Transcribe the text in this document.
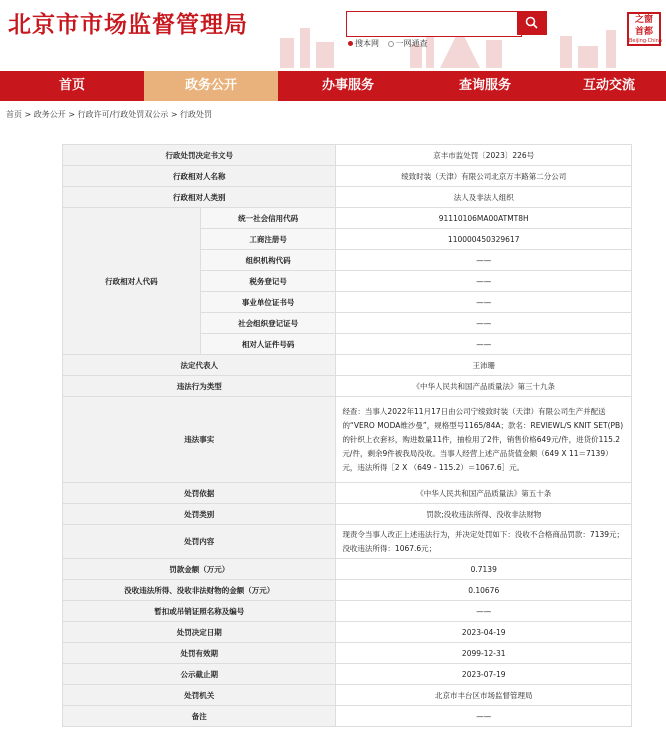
北京市市场监督管理局
搜本网 一网通查
之窗
首都
Beijing·China
首页	政务公开	办事服务	查询服务	互动交流
首页 > 政务公开 > 行政许可/行政处罚双公示 > 行政处罚
行政处罚决定书文号		京丰市监处罚〔2023〕226号
行政相对人名称		绫致时装（天津）有限公司北京万丰路第二分公司
行政相对人类别		法人及非法人组织
行政相对人代码	统一社会信用代码	91110106MA00ATMT8H
	工商注册号	110000450329617
	组织机构代码	——
	税务登记号	——
	事业单位证书号	——
	社会组织登记证号	——
	相对人证件号码	——
法定代表人		王沛珊
违法行为类型		《中华人民共和国产品质量法》第三十九条
违法事实		经查：当事人2022年11月17日由公司宁绫致时装（天津）有限公司生产并配送的“VERO MODA维沙曼”，规格型号1165/84A；款名：REVIEWL/S KNIT SET(PB)的针织上衣套衫，购进数量11件，抽检用了2件，销售价格649元/件，进货价115.2元/件，剩余9件被我局没收。当事人经营上述产品货值金额（649 X 11＝7139）元，违法所得［2 X （649 - 115.2）＝1067.6］元。
处罚依据		《中华人民共和国产品质量法》第五十条
处罚类别		罚款;没收违法所得、没收非法财物
处罚内容		现责令当事人改正上述违法行为，并决定处罚如下：没收不合格商品罚款：7139元；没收违法所得：1067.6元；
罚款金额（万元）		0.7139
没收违法所得、没收非法财物的金额（万元）		0.10676
暂扣或吊销证照名称及编号		——
处罚决定日期		2023-04-19
处罚有效期		2099-12-31
公示截止期		2023-07-19
处罚机关		北京市丰台区市场监督管理局
备注		——
